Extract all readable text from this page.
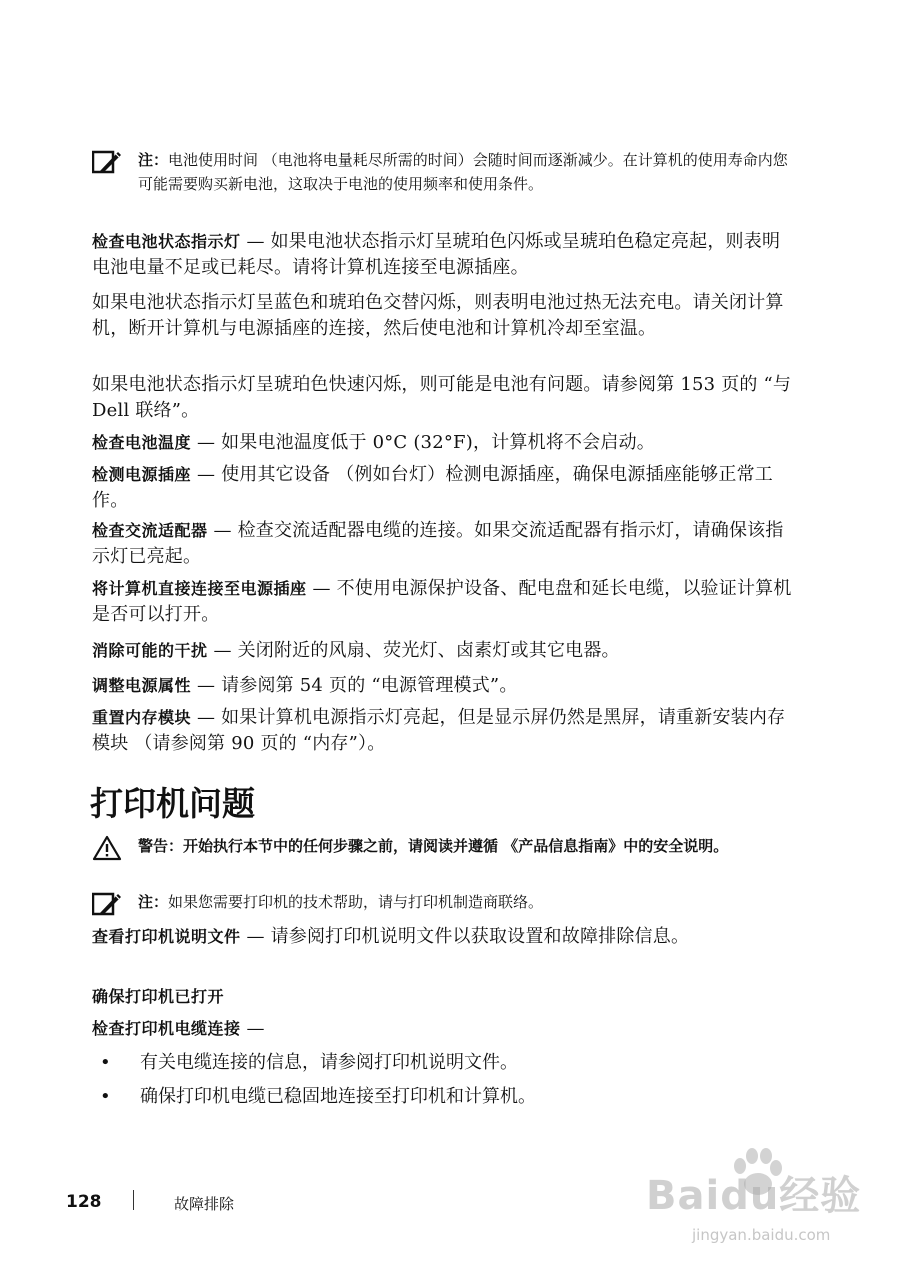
注：电池使用时间 （电池将电量耗尽所需的时间）会随时间而逐渐减少。在计算机的使用寿命内您可能需要购买新电池，这取决于电池的使用频率和使用条件。
检查电池状态指示灯 — 如果电池状态指示灯呈琥珀色闪烁或呈琥珀色稳定亮起，则表明电池电量不足或已耗尽。请将计算机连接至电源插座。
如果电池状态指示灯呈蓝色和琥珀色交替闪烁，则表明电池过热无法充电。请关闭计算机，断开计算机与电源插座的连接，然后使电池和计算机冷却至室温。
如果电池状态指示灯呈琥珀色快速闪烁，则可能是电池有问题。请参阅第 153 页的 “与 Dell 联络”。
检查电池温度 — 如果电池温度低于 0°C (32°F)，计算机将不会启动。
检测电源插座 — 使用其它设备 （例如台灯）检测电源插座，确保电源插座能够正常工作。
检查交流适配器 — 检查交流适配器电缆的连接。如果交流适配器有指示灯，请确保该指示灯已亮起。
将计算机直接连接至电源插座 — 不使用电源保护设备、配电盘和延长电缆，以验证计算机是否可以打开。
消除可能的干扰 — 关闭附近的风扇、荧光灯、卤素灯或其它电器。
调整电源属性 — 请参阅第 54 页的 “电源管理模式”。
重置内存模块 — 如果计算机电源指示灯亮起，但是显示屏仍然是黑屏，请重新安装内存模块 （请参阅第 90 页的 “内存”）。
打印机问题
警告：开始执行本节中的任何步骤之前，请阅读并遵循 《产品信息指南》中的安全说明。
注：如果您需要打印机的技术帮助，请与打印机制造商联络。
查看打印机说明文件 — 请参阅打印机说明文件以获取设置和故障排除信息。
确保打印机已打开
检查打印机电缆连接 —
• 有关电缆连接的信息，请参阅打印机说明文件。
• 确保打印机电缆已稳固地连接至打印机和计算机。
128	故障排除	Baidu经验
jingyan.baidu.com
